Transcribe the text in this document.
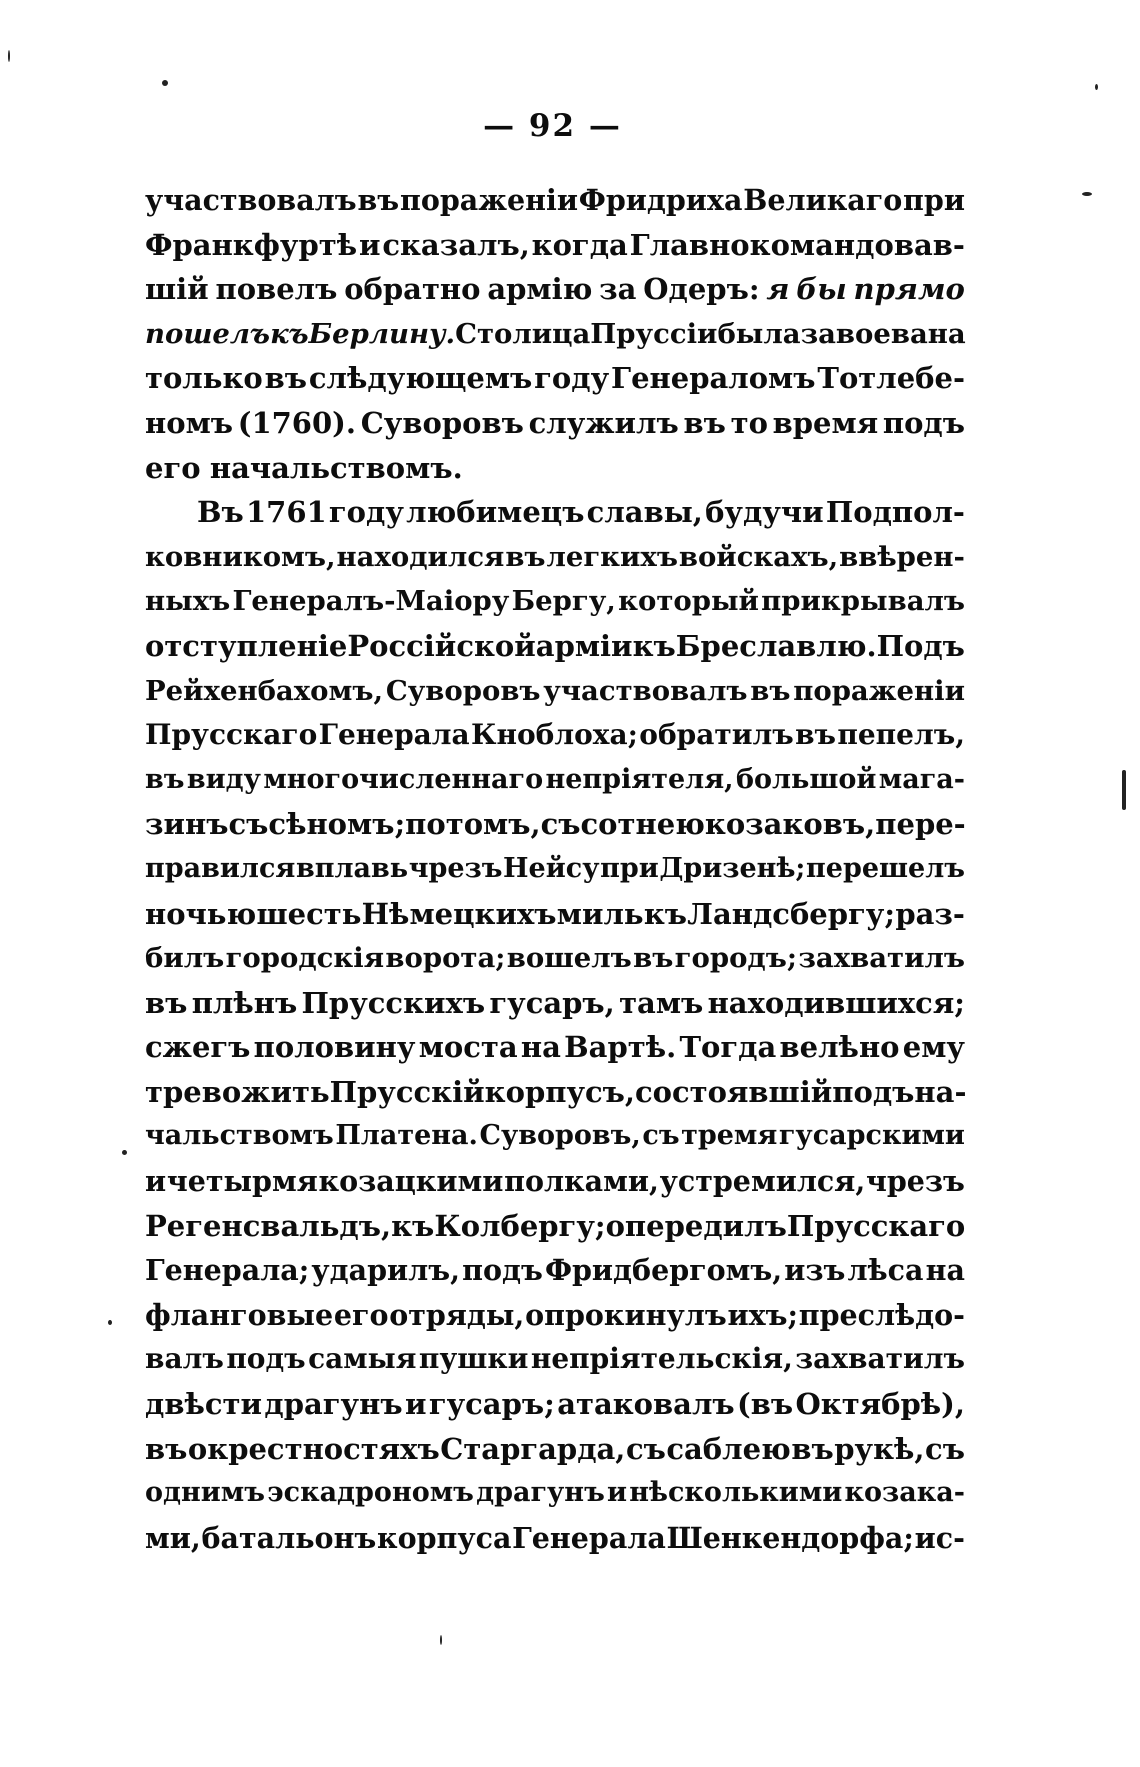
— 92 —
участвовалъ въ пораженіи Фридриха Великаго при
Франкфуртѣ и сказалъ, когда Главнокомандовав-
шій повелъ обратно армію за Одеръ: я бы прямо
пошелъ къ Берлину. Столица Пруссіи была завоевана
только въ слѣдующемъ году Генераломъ Тотлебе-
номъ (1760). Суворовъ служилъ въ то время подъ
его начальствомъ.
Въ 1761 году любимецъ славы, будучи Подпол-
ковникомъ, находился въ легкихъ войскахъ, ввѣрен-
ныхъ Генералъ-Маіору Бергу, который прикрывалъ
отступленіе Россійской арміи къ Бреславлю. Подъ
Рейхенбахомъ, Суворовъ участвовалъ въ пораженіи
Прусскаго Генерала Кноблоха; обратилъ въ пепелъ,
въ виду многочисленнаго непріятеля, большой мага-
зинъ съ сѣномъ; потомъ, съ сотнею козаковъ, пере-
правился вплавь чрезъ Нейсу при Дризенѣ; перешелъ
ночью шесть Нѣмецкихъ миль къ Ландсбергу; раз-
билъ городскія ворота; вошелъ въ городъ; захватилъ
въ плѣнъ Прусскихъ гусаръ, тамъ находившихся;
сжегъ половину моста на Вартѣ. Тогда велѣно ему
тревожить Прусскій корпусъ, состоявшій подъ на-
чальствомъ Платена. Суворовъ, съ тремя гусарскими
и четырмя козацкими полками, устремился, чрезъ
Регенсвальдъ, къ Колбергу; опередилъ Прусскаго
Генерала; ударилъ, подъ Фридбергомъ, изъ лѣса на
фланговые его отряды, опрокинулъ ихъ; преслѣдо-
валъ подъ самыя пушки непріятельскія, захватилъ
двѣсти драгунъ и гусаръ; атаковалъ (въ Октябрѣ),
въ окрестностяхъ Старгарда, съ саблею въ рукѣ, съ
однимъ эскадрономъ драгунъ и нѣсколькими козака-
ми, батальонъ корпуса Генерала Шенкендорфа; ис-
